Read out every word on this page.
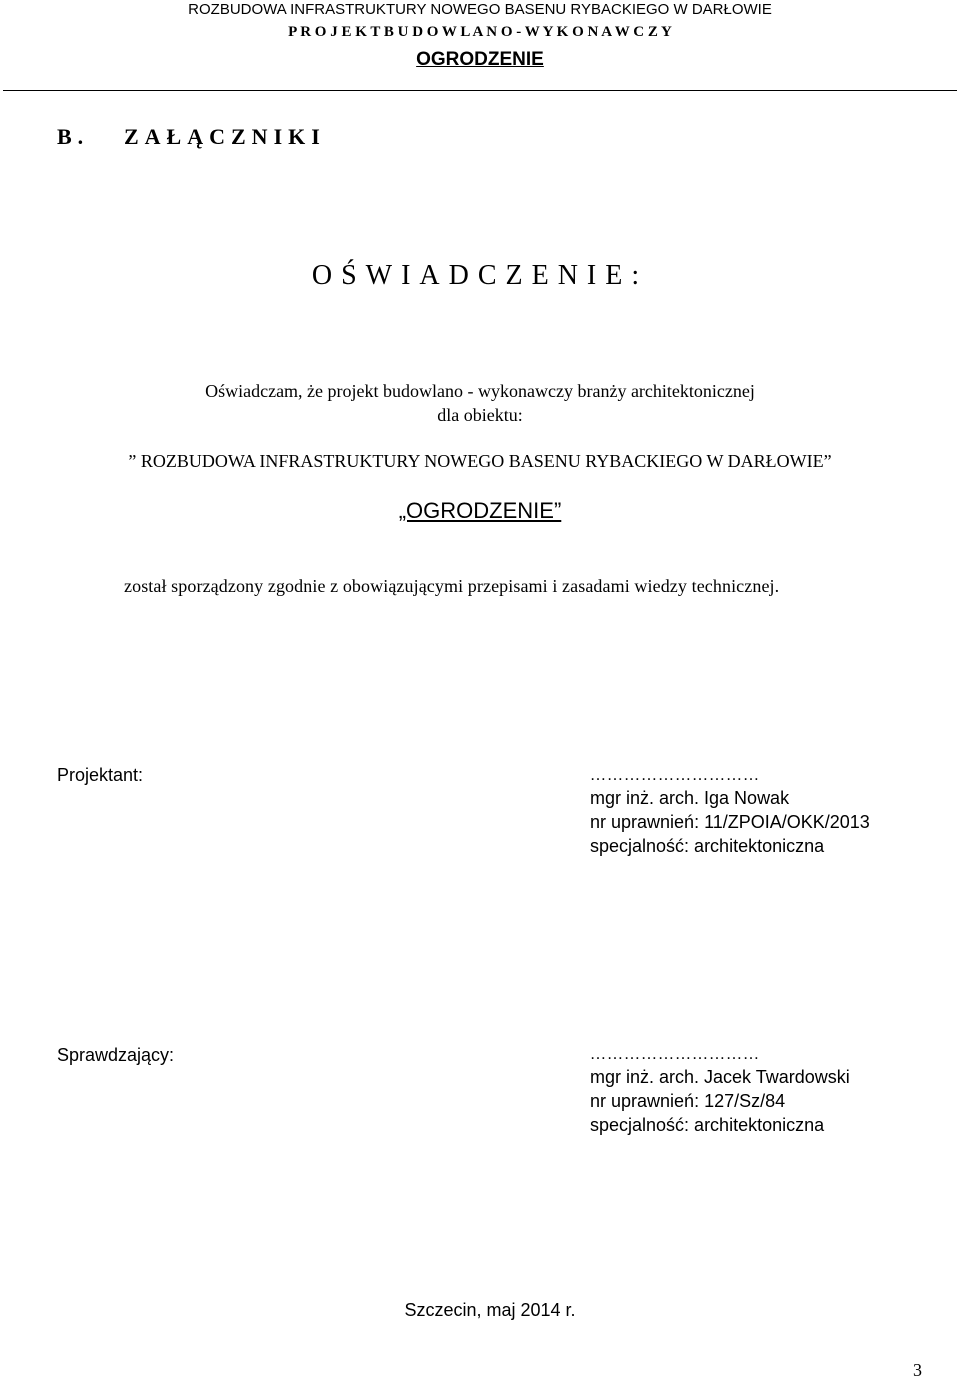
ROZBUDOWA INFRASTRUKTURY NOWEGO BASENU RYBACKIEGO W DARŁOWIE
P R O J E K T B U D O W L A N O - W Y K O N A W C Z Y
OGRODZENIE
B. ZAŁĄCZNIKI
OŚWIADCZENIE:
Oświadczam, że projekt budowlano - wykonawczy branży architektonicznej
dla obiektu:
” ROZBUDOWA INFRASTRUKTURY NOWEGO BASENU RYBACKIEGO W DARŁOWIE”
„OGRODZENIE”
został sporządzony zgodnie z obowiązującymi przepisami i zasadami wiedzy technicznej.
Projektant:	…………………………
mgr inż. arch. Iga Nowak
nr uprawnień: 11/ZPOIA/OKK/2013
specjalność: architektoniczna
Sprawdzający:	…………………………
mgr inż. arch. Jacek Twardowski
nr uprawnień: 127/Sz/84
specjalność: architektoniczna
Szczecin, maj 2014 r.
3
